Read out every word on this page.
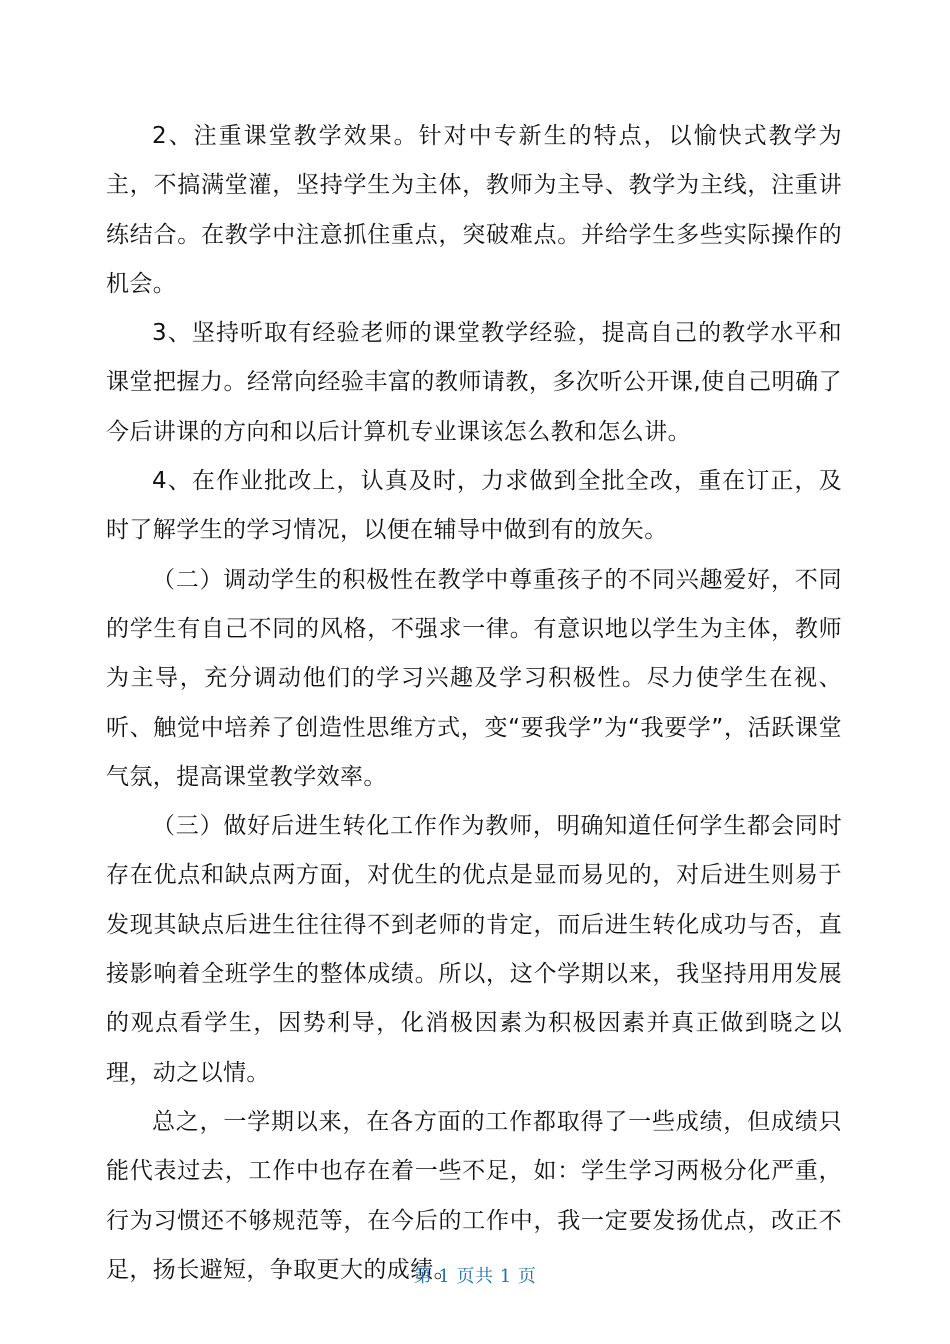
2、注重课堂教学效果。针对中专新生的特点，以愉快式教学为主，不搞满堂灌，坚持学生为主体，教师为主导、教学为主线，注重讲练结合。在教学中注意抓住重点，突破难点。并给学生多些实际操作的机会。

3、坚持听取有经验老师的课堂教学经验，提高自己的教学水平和课堂把握力。经常向经验丰富的教师请教，多次听公开课,使自己明确了今后讲课的方向和以后计算机专业课该怎么教和怎么讲。

4、在作业批改上，认真及时，力求做到全批全改，重在订正，及时了解学生的学习情况，以便在辅导中做到有的放矢。

（二）调动学生的积极性在教学中尊重孩子的不同兴趣爱好，不同的学生有自己不同的风格，不强求一律。有意识地以学生为主体，教师为主导，充分调动他们的学习兴趣及学习积极性。尽力使学生在视、听、触觉中培养了创造性思维方式，变“要我学”为“我要学”，活跃课堂气氛，提高课堂教学效率。

（三）做好后进生转化工作作为教师，明确知道任何学生都会同时存在优点和缺点两方面，对优生的优点是显而易见的，对后进生则易于发现其缺点后进生往往得不到老师的肯定，而后进生转化成功与否，直接影响着全班学生的整体成绩。所以，这个学期以来，我坚持用用发展的观点看学生，因势利导，化消极因素为积极因素并真正做到晓之以理，动之以情。

总之，一学期以来，在各方面的工作都取得了一些成绩，但成绩只能代表过去，工作中也存在着一些不足，如：学生学习两极分化严重，行为习惯还不够规范等，在今后的工作中，我一定要发扬优点，改正不足，扬长避短，争取更大的成绩。

第 1 页共 1 页
